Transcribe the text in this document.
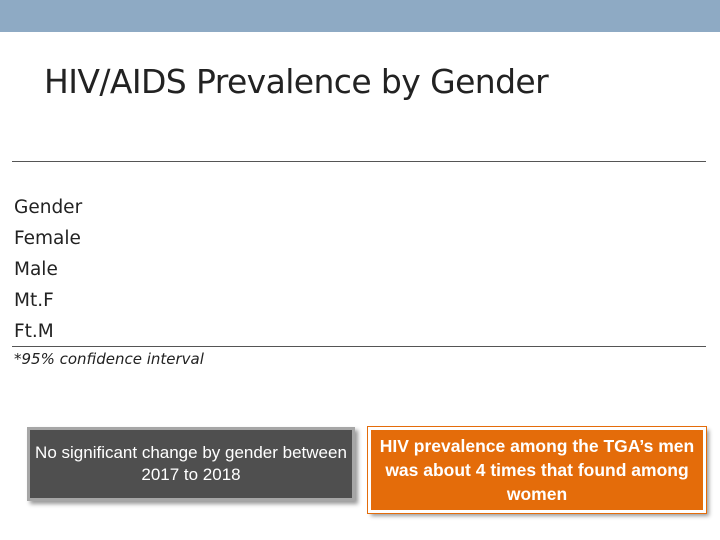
HIV/AIDS Prevalence by Gender
Gender
Female
Male
Mt.F
Ft.M
*95% confidence interval
No significant change by gender between 2017 to 2018
HIV prevalence among the TGA’s men was about 4 times that found among women
